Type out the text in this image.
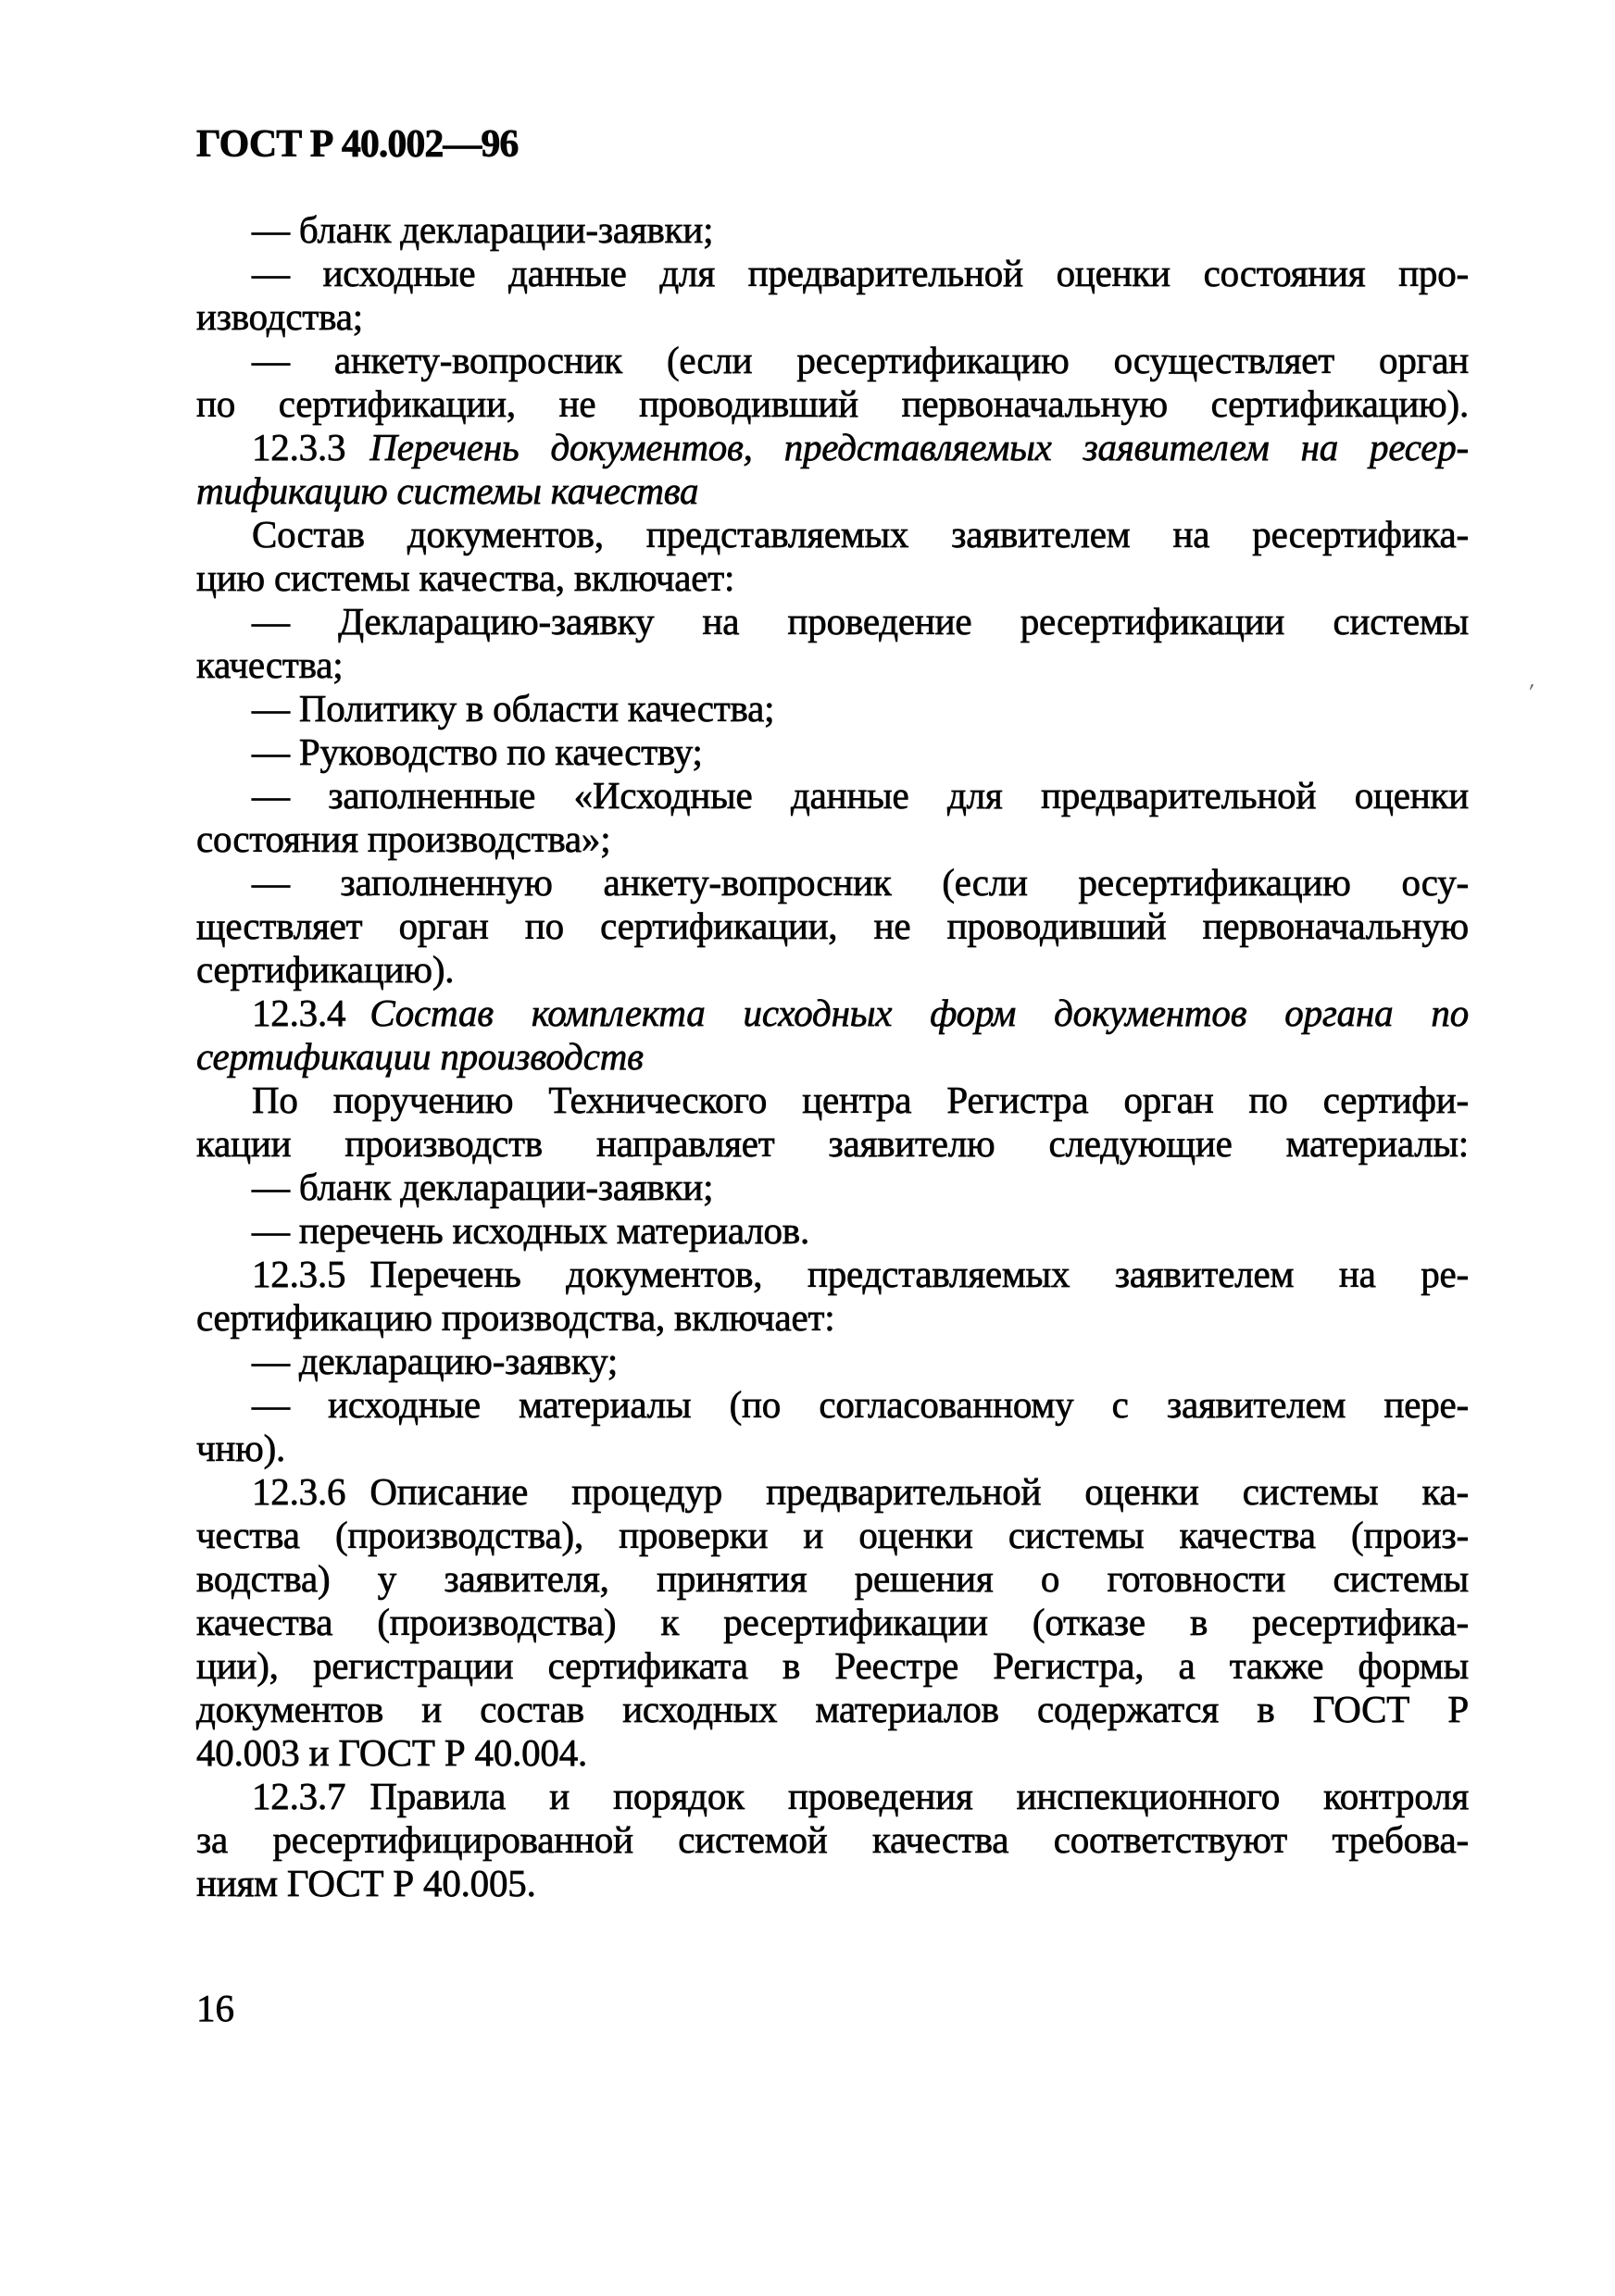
ГОСТ Р 40.002—96
— бланк декларации-заявки;
— исходные данные для предварительной оценки состояния про-
изводства;
— анкету-вопросник (если ресертификацию осуществляет орган
по сертификации, не проводивший первоначальную сертификацию).
12.3.3 Перечень документов, представляемых заявителем на ресер-
тификацию системы качества
Состав документов, представляемых заявителем на ресертифика-
цию системы качества, включает:
— Декларацию-заявку на проведение ресертификации системы
качества;
— Политику в области качества;
— Руководство по качеству;
— заполненные «Исходные данные для предварительной оценки
состояния производства»;
— заполненную анкету-вопросник (если ресертификацию осу-
ществляет орган по сертификации, не проводивший первоначальную
сертификацию).
12.3.4 Состав комплекта исходных форм документов органа по
сертификации производств
По поручению Технического центра Регистра орган по сертифи-
кации производств направляет заявителю следующие материалы:
— бланк декларации-заявки;
— перечень исходных материалов.
12.3.5 Перечень документов, представляемых заявителем на ре-
сертификацию производства, включает:
— декларацию-заявку;
— исходные материалы (по согласованному с заявителем пере-
чню).
12.3.6 Описание процедур предварительной оценки системы ка-
чества (производства), проверки и оценки системы качества (произ-
водства) у заявителя, принятия решения о готовности системы
качества (производства) к ресертификации (отказе в ресертифика-
ции), регистрации сертификата в Реестре Регистра, а также формы
документов и состав исходных материалов содержатся в ГОСТ Р
40.003 и ГОСТ Р 40.004.
12.3.7 Правила и порядок проведения инспекционного контроля
за ресертифицированной системой качества соответствуют требова-
ниям ГОСТ Р 40.005.
ʹ
16
